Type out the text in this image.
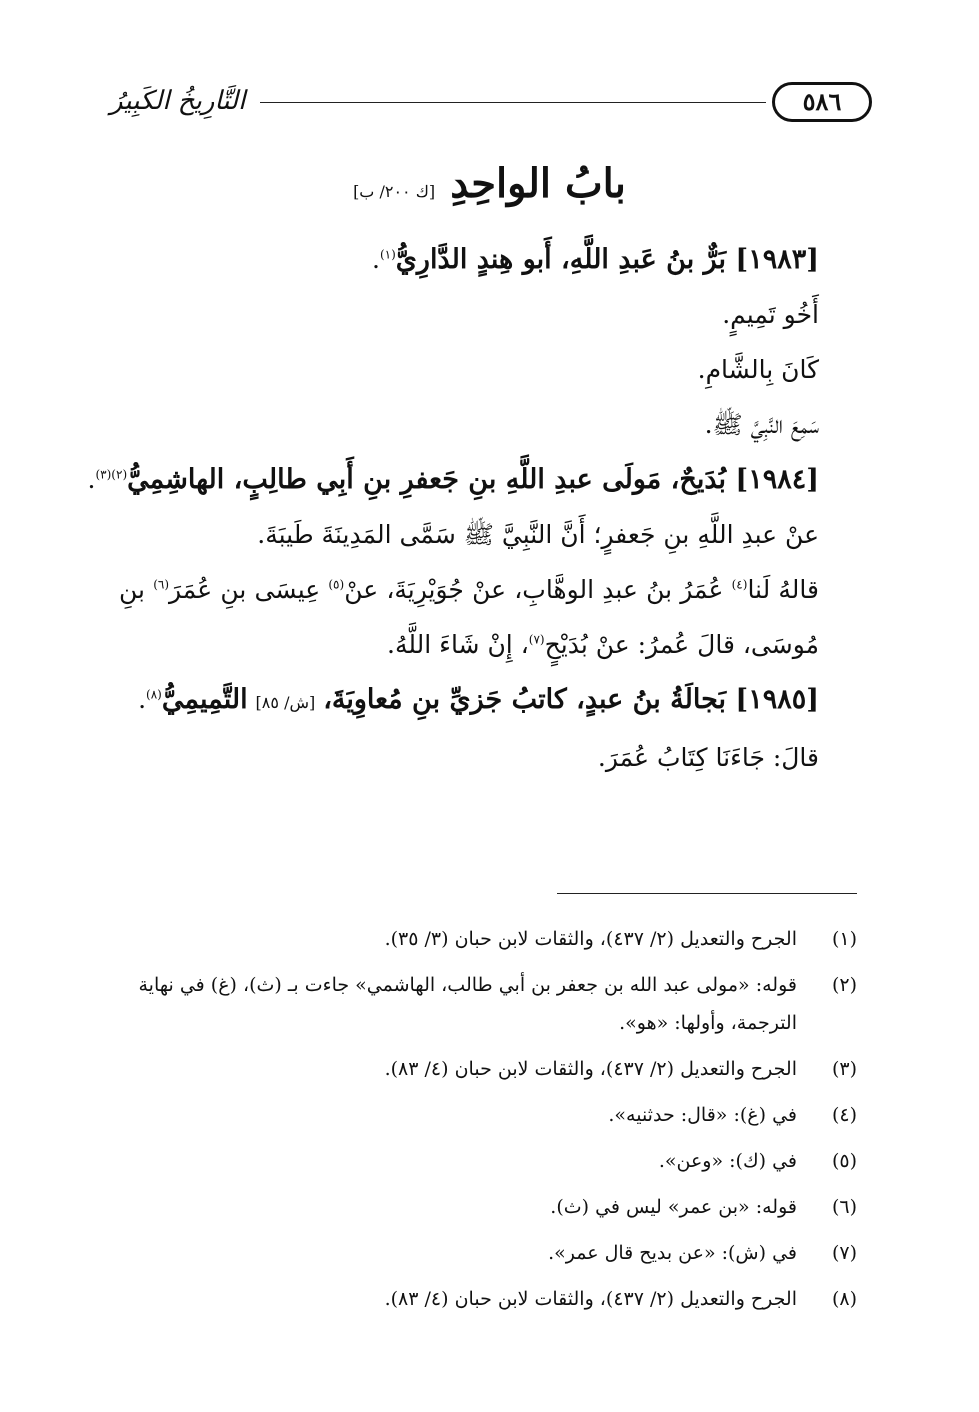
٥٨٦
التَّارِيخُ الكَبِيرُ
بابُ الواحِدِ [ك ٢٠٠/ ب]

[١٩٨٣] بَرٌّ بنُ عَبدِ اللَّهِ، أَبو هِندٍ الدَّارِيُّ$^{(١)}$.

أَخُو تَمِيمٍ.

كَانَ بِالشَّامِ.

سَمِعَ النَّبِيَّ ﷺ.

[١٩٨٤] بُدَيحٌ، مَولَى عبدِ اللَّهِ بنِ جَعفرِ بنِ أَبِي طالِبٍ، الهاشِمِيُّ$^{(٢)(٣)}$.

عنْ عبدِ اللَّهِ بنِ جَعفرٍ؛ أَنَّ النَّبِيَّ ﷺ سَمَّى المَدِينَةَ طَيبَةَ.

قالهُ لَنا$^{(٤)}$ عُمَرُ بنُ عبدِ الوهَّابِ، عنْ جُوَيْرِيَةَ، عنْ$^{(٥)}$ عِيسَى بنِ عُمَرَ$^{(٦)}$ بنِ مُوسَى، قالَ عُمرُ: عنْ بُدَيْحٍ$^{(٧)}$، إِنْ شَاءَ اللَّهُ.

[١٩٨٥] بَجالَةُ بنُ عبدٍ، كاتبُ جَزيِّ بنِ مُعاوِيَةَ، [ش/ ٨٥] التَّمِيمِيُّ$^{(٨)}$.

قالَ: جَاءَنَا كِتَابُ عُمَرَ.

(١)
الجرح والتعديل (٢/ ٤٣٧)، والثقات لابن حبان (٣/ ٣٥).
(٢)
قوله: «مولى عبد الله بن جعفر بن أبي طالب، الهاشمي» جاءت بـ (ث)، (غ) في نهاية الترجمة، وأولها: «هو».
(٣)
الجرح والتعديل (٢/ ٤٣٧)، والثقات لابن حبان (٤/ ٨٣).
(٤)
في (غ): «قال: حدثنيه».
(٥)
في (ك): «وعن».
(٦)
قوله: «بن عمر» ليس في (ث).
(٧)
في (ش): «عن بديح قال عمر».
(٨)
الجرح والتعديل (٢/ ٤٣٧)، والثقات لابن حبان (٤/ ٨٣).
